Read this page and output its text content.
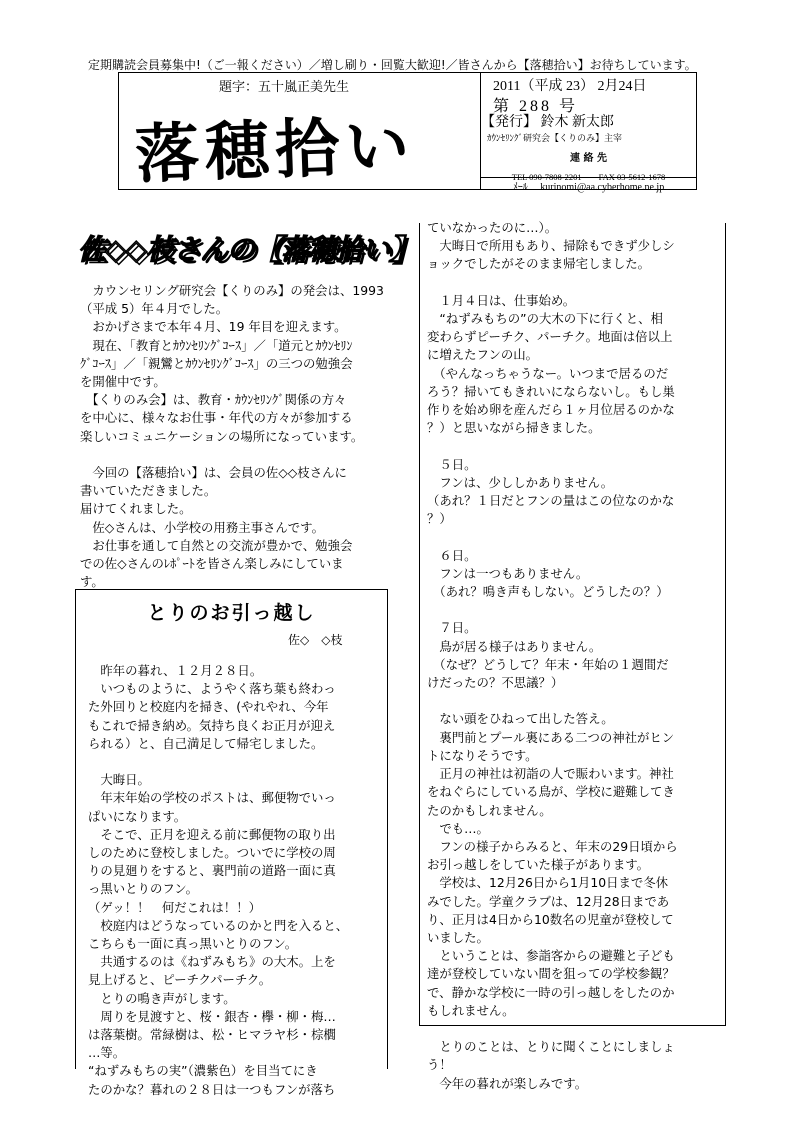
定期購読会員募集中!（ご一報ください）／増し刷り・回覧大歓迎!／皆さんから【落穂拾い】お待ちしています。
題字：五十嵐正美先生
落穂拾い
2011（平成 23） 2月24日
第 288 号
【発行】 鈴木 新太郎
ｶｳﾝｾﾘﾝｸﾞ研究会【くりのみ】主宰
連 絡 先
TEL 090-7808-2201　　FAX 03-5612-1678
ﾒｰﾙ　 kurinomi@aa.cyberhome.ne.jp
佐◇◇枝さんの【落穂拾い】

　カウンセリング研究会【くりのみ】の発会は、1993

（平成 5）年４月でした。

　おかげさまで本年４月、19 年目を迎えます。

　現在、「教育とｶｳﾝｾﾘﾝｸﾞｺｰｽ」／「道元とｶｳﾝｾﾘﾝ

ｸﾞｺｰｽ」／「親鸞とｶｳﾝｾﾘﾝｸﾞｺｰｽ」の三つの勉強会

を開催中です。

　【くりのみ会】は、教育・ｶｳﾝｾﾘﾝｸﾞ関係の方々

を中心に、様々なお仕事・年代の方々が参加する

楽しいコミュニケーションの場所になっています。

　今回の【落穂拾い】は、会員の佐◇◇枝さんに

書いていただきました。

届けてくれました。

　佐◇さんは、小学校の用務主事さんです。

　お仕事を通して自然との交流が豊かで、勉強会

での佐◇さんのﾚﾎﾟｰﾄを皆さん楽しみにしていま

す。

とりのお引っ越し
佐◇　◇枝

　昨年の暮れ、１２月２８日。

　いつものように、ようやく落ち葉も終わっ

た外回りと校庭内を掃き、(やれやれ、今年

もこれで掃き納め。気持ち良くお正月が迎え

られる）と、自己満足して帰宅しました。

　大晦日。

　年末年始の学校のポストは、郵便物でいっ

ぱいになります。

　そこで、正月を迎える前に郵便物の取り出

しのために登校しました。ついでに学校の周

りの見廻りをすると、裏門前の道路一面に真

っ黒いとりのフン。

（ゲッ！！　何だこれは！！）

　校庭内はどうなっているのかと門を入ると、

こちらも一面に真っ黒いとりのフン。

　共通するのは《ねずみもち》の大木。上を

見上げると、ピーチクパーチク。

　とりの鳴き声がします。

　周りを見渡すと、桜・銀杏・欅・柳・梅…

は落葉樹。常緑樹は、松・ヒマラヤ杉・棕櫚

…等。

“ねずみもちの実”（濃紫色）を目当てにき

たのかな？暮れの２８日は一つもフンが落ち

ていなかったのに…）。

　大晦日で所用もあり、掃除もできず少しシ

ョックでしたがそのまま帰宅しました。

　１月４日は、仕事始め。

　“ねずみもちの”の大木の下に行くと、相

変わらずピーチク、パーチク。地面は倍以上

に増えたフンの山。

　（やんなっちゃうなー。いつまで居るのだ

ろう？掃いてもきれいにならないし。もし巣

作りを始め卵を産んだら１ヶ月位居るのかな

？）と思いながら掃きました。

　５日。

　フンは、少ししかありません。

（あれ？１日だとフンの量はこの位なのかな

？）

　６日。

　フンは一つもありません。

　（あれ？鳴き声もしない。どうしたの？）

　７日。

　鳥が居る様子はありません。

　（なぜ？どうして？年末・年始の１週間だ

けだったの？不思議？）

　ない頭をひねって出した答え。

　裏門前とプール裏にある二つの神社がヒン

トになりそうです。

　正月の神社は初詣の人で賑わいます。神社

をねぐらにしている鳥が、学校に避難してき

たのかもしれません。

　でも…。

　フンの様子からみると、年末の29日頃から

お引っ越しをしていた様子があります。

　学校は、12月26日から1月10日まで冬休

みでした。学童クラブは、12月28日まであ

り、正月は4日から10数名の児童が登校して

いました。

　ということは、参詣客からの避難と子ども

達が登校していない間を狙っての学校参観？

で、静かな学校に一時の引っ越しをしたのか

もしれません。

　とりのことは、とりに聞くことにしましょ

う！

　今年の暮れが楽しみです。
